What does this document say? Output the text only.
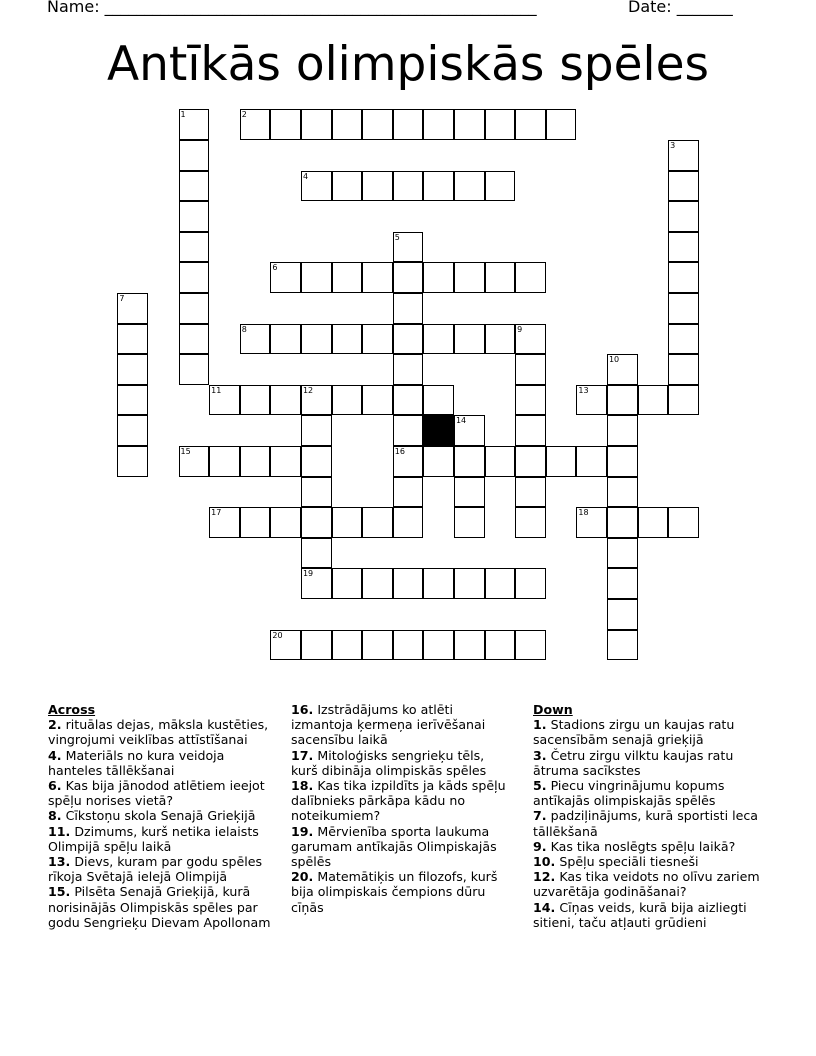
Name: ______________________________________________________	Date: _______
Antīkās olimpiskās spēles
1	2
3
4
5
6
7
8	9
10
11	12	13
14
15	16
17	18
19
20
Across
2. rituālas dejas, māksla kustēties, vingrojumi veiklības attīstīšanai
4. Materiāls no kura veidoja hanteles tāllēkšanai
6. Kas bija jānodod atlētiem ieejot spēļu norises vietā?
8. Cīkstoņu skola Senajā Grieķijā
11. Dzimums, kurš netika ielaists Olimpijā spēļu laikā
13. Dievs, kuram par godu spēles rīkoja Svētajā ielejā Olimpijā
15. Pilsēta Senajā Grieķijā, kurā norisinājās Olimpiskās spēles par godu Sengrieķu Dievam Apollonam
16. Izstrādājums ko atlēti izmantoja ķermeņa ierīvēšanai sacensību laikā
17. Mitoloģisks sengrieķu tēls, kurš dibināja olimpiskās spēles
18. Kas tika izpildīts ja kāds spēļu dalībnieks pārkāpa kādu no noteikumiem?
19. Mērvienība sporta laukuma garumam antīkajās Olimpiskajās spēlēs
20. Matemātiķis un filozofs, kurš bija olimpiskais čempions dūru cīņās
Down
1. Stadions zirgu un kaujas ratu sacensībām senajā grieķijā
3. Četru zirgu vilktu kaujas ratu ātruma sacīkstes
5. Piecu vingrinājumu kopums antīkajās olimpiskajās spēlēs
7. padziļinājums, kurā sportisti leca tāllēkšanā
9. Kas tika noslēgts spēļu laikā?
10. Spēļu speciāli tiesneši
12. Kas tika veidots no olīvu zariem uzvarētāja godināšanai?
14. Cīņas veids, kurā bija aizliegti sitieni, taču atļauti grūdieni
